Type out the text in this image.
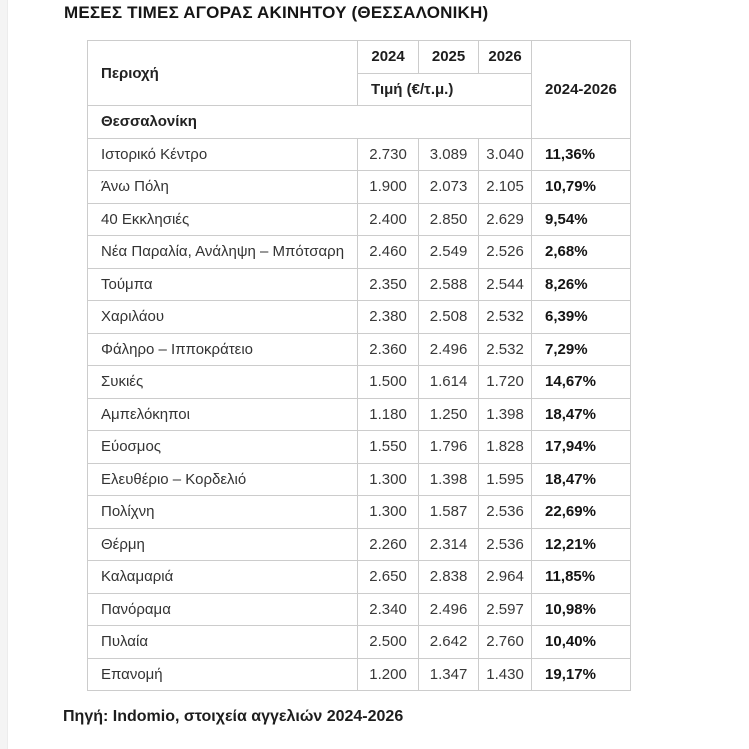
ΜΕΣΕΣ ΤΙΜΕΣ ΑΓΟΡΑΣ ΑΚΙΝΗΤΟΥ (ΘΕΣΣΑΛΟΝΙΚΗ)
Περιοχή	2024	2025	2026	2024-2026
	Τιμή (€/τ.μ.)			
Θεσσαλονίκη				
Ιστορικό Κέντρο	2.730	3.089	3.040	11,36%
Άνω Πόλη	1.900	2.073	2.105	10,79%
40 Εκκλησιές	2.400	2.850	2.629	9,54%
Νέα Παραλία, Ανάληψη – Μπότσαρη	2.460	2.549	2.526	2,68%
Τούμπα	2.350	2.588	2.544	8,26%
Χαριλάου	2.380	2.508	2.532	6,39%
Φάληρο – Ιπποκράτειο	2.360	2.496	2.532	7,29%
Συκιές	1.500	1.614	1.720	14,67%
Αμπελόκηποι	1.180	1.250	1.398	18,47%
Εύοσμος	1.550	1.796	1.828	17,94%
Ελευθέριο – Κορδελιό	1.300	1.398	1.595	18,47%
Πολίχνη	1.300	1.587	2.536	22,69%
Θέρμη	2.260	2.314	2.536	12,21%
Καλαμαριά	2.650	2.838	2.964	11,85%
Πανόραμα	2.340	2.496	2.597	10,98%
Πυλαία	2.500	2.642	2.760	10,40%
Επανομή	1.200	1.347	1.430	19,17%

Πηγή: Indomio, στοιχεία αγγελιών 2024-2026
